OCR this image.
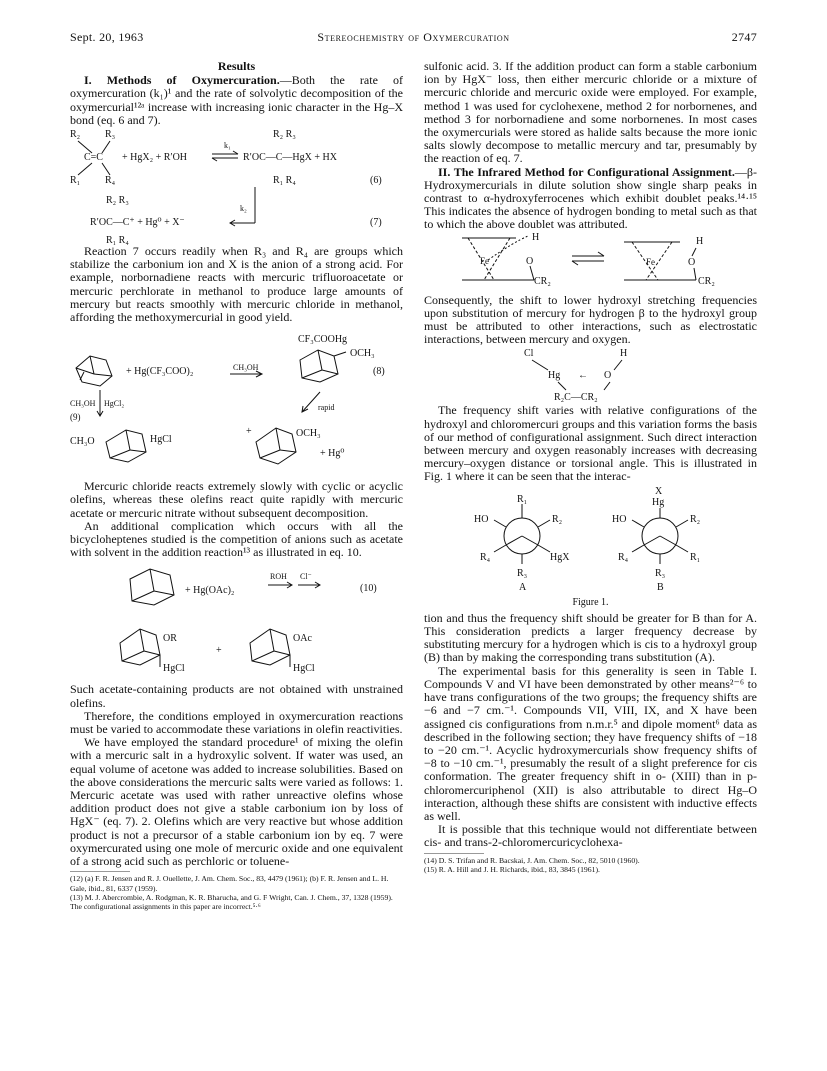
Sept. 20, 1963	Stereochemistry of Oxymercuration	2747
Results

I. Methods of Oxymercuration.—Both the rate of oxymercuration (k₁)¹ and the rate of solvolytic decomposition of the oxymercurial¹²ᵃ increase with increasing ionic character in the Hg–X bond (eq. 6 and 7).

R₂ R₃
C=C
R₁ R₄
+ HgX₂ + R′OH
k₁
R₂ R₃
R′OC—C—HgX + HX
R₁ R₄	(6)
R₂ R₃
R′OC—C⁺ + Hg⁰ + X⁻
R₁ R₄
k₂
(7)

Reaction 7 occurs readily when R₃ and R₄ are groups which stabilize the carbonium ion and X is the anion of a strong acid. For example, norbornadiene reacts with mercuric trifluoroacetate or mercuric perchlorate in methanol to produce large amounts of mercury but reacts smoothly with mercuric chloride in methanol, affording the methoxymercurial in good yield.

+ Hg(CF₃COO)₂	CH₃OH
CF₃COOHg
OCH₃
(8)
CH₃OH HgCl₂
(9)
rapid
CH₃O	HgCl
+	OCH₃
+ Hg⁰

Mercuric chloride reacts extremely slowly with cyclic or acyclic olefins, whereas these olefins react quite rapidly with mercuric acetate or mercuric nitrate without subsequent decomposition.

An additional complication which occurs with all the bicycloheptenes studied is the competition of anions such as acetate with solvent in the addition reaction¹³ as illustrated in eq. 10.

+ Hg(OAc)₂
ROH Cl⁻
(10)
OR
HgCl
+
OAc
HgCl

Such acetate-containing products are not obtained with unstrained olefins.

Therefore, the conditions employed in oxymercuration reactions must be varied to accommodate these variations in olefin reactivities.

We have employed the standard procedure¹ of mixing the olefin with a mercuric salt in a hydroxylic solvent. If water was used, an equal volume of acetone was added to increase solubilities. Based on the above considerations the mercuric salts were varied as follows: 1. Mercuric acetate was used with rather unreactive olefins whose addition product does not give a stable carbonium ion by loss of HgX⁻ (eq. 7). 2. Olefins which are very reactive but whose addition product is not a precursor of a stable carbonium ion by eq. 7 were oxymercurated using one mole of mercuric oxide and one equivalent of a strong acid such as perchloric or toluene-

(12) (a) F. R. Jensen and R. J. Ouellette, J. Am. Chem. Soc., 83, 4479 (1961); (b) F. R. Jensen and L. H. Gale, ibid., 81, 6337 (1959).

(13) M. J. Abercrombie, A. Rodgman, K. R. Bharucha, and G. F Wright, Can. J. Chem., 37, 1328 (1959). The configurational assignments in this paper are incorrect.⁵·⁶

sulfonic acid. 3. If the addition product can form a stable carbonium ion by HgX⁻ loss, then either mercuric chloride or a mixture of mercuric chloride and mercuric oxide were employed. For example, method 1 was used for cyclohexene, method 2 for norbornenes, and method 3 for norbornadiene and some norbornenes. In most cases the oxymercurials were stored as halide salts because the more ionic salts slowly decompose to metallic mercury and tar, presumably by the reaction of eq. 7.

II. The Infrared Method for Configurational Assignment.—β-Hydroxymercurials in dilute solution show single sharp peaks in contrast to α-hydroxyferrocenes which exhibit doublet peaks.¹⁴·¹⁵ This indicates the absence of hydrogen bonding to metal such as that to which the above doublet was attributed.

H
O
Fe
CR₂
H
O
Fe
CR₂

Consequently, the shift to lower hydroxyl stretching frequencies upon substitution of mercury for hydrogen β to the hydroxyl group must be attributed to other interactions, such as electrostatic interactions, between mercury and oxygen.

Cl	H
Hg ← O
R₂C—CR₂

The frequency shift varies with relative configurations of the hydroxyl and chloromercuri groups and this variation forms the basis of our method of configurational assignment. Such direct interaction between mercury and oxygen reasonably increases with decreasing mercury–oxygen distance or torsional angle. This is illustrated in Fig. 1 where it can be seen that the interac-

R₁
HO	R₂
R₄	HgX
R₃
A
X
Hg
HO	R₂
R₄	R₁
R₃
B
Figure 1.

tion and thus the frequency shift should be greater for B than for A. This consideration predicts a larger frequency decrease by substituting mercury for a hydrogen which is cis to a hydroxyl group (B) than by making the corresponding trans substitution (A).

The experimental basis for this generality is seen in Table I. Compounds V and VI have been demonstrated by other means²⁻⁶ to have trans configurations of the two groups; the frequency shifts are −6 and −7 cm.⁻¹. Compounds VII, VIII, IX, and X have been assigned cis configurations from n.m.r.⁵ and dipole moment⁶ data as described in the following section; they have frequency shifts of −18 to −20 cm.⁻¹. Acyclic hydroxymercurials show frequency shifts of −8 to −10 cm.⁻¹, presumably the result of a slight preference for cis conformation. The greater frequency shift in o- (XIII) than in p-chloromercuriphenol (XII) is also attributable to direct Hg–O interaction, although these shifts are consistent with inductive effects as well.

It is possible that this technique would not differentiate between cis- and trans-2-chloromercuricyclohexa-

(14) D. S. Trifan and R. Bacskai, J. Am. Chem. Soc., 82, 5010 (1960).

(15) R. A. Hill and J. H. Richards, ibid., 83, 3845 (1961).
